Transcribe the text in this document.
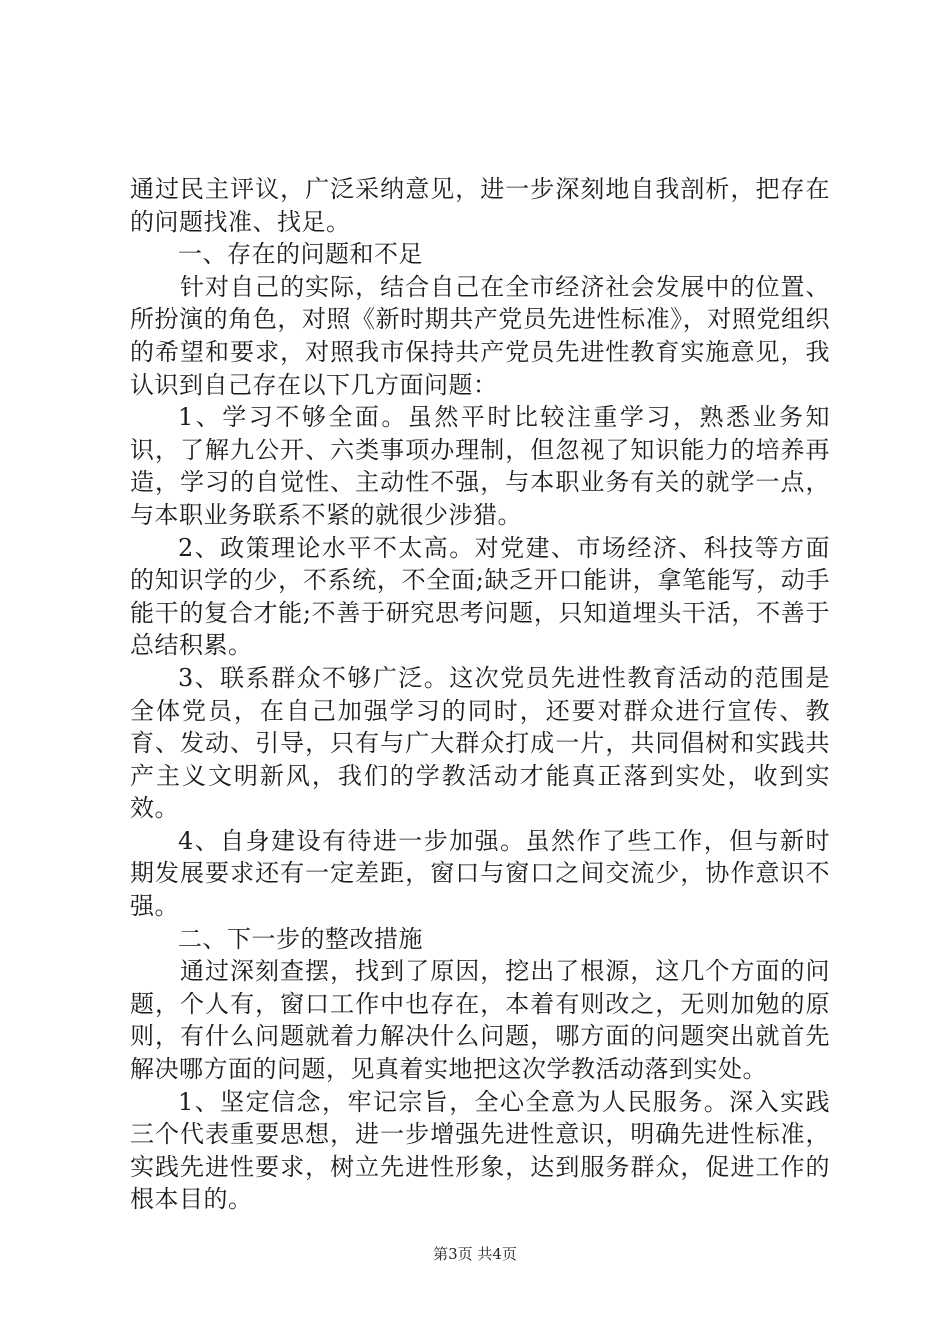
通过民主评议，广泛采纳意见，进一步深刻地自我剖析，把存在的问题找准、找足。

一、存在的问题和不足

针对自己的实际，结合自己在全市经济社会发展中的位置、所扮演的角色，对照《新时期共产党员先进性标准》，对照党组织的希望和要求，对照我市保持共产党员先进性教育实施意见，我认识到自己存在以下几方面问题：

1、学习不够全面。虽然平时比较注重学习，熟悉业务知识，了解九公开、六类事项办理制，但忽视了知识能力的培养再造，学习的自觉性、主动性不强，与本职业务有关的就学一点，与本职业务联系不紧的就很少涉猎。

2、政策理论水平不太高。对党建、市场经济、科技等方面的知识学的少，不系统，不全面;缺乏开口能讲，拿笔能写，动手能干的复合才能;不善于研究思考问题，只知道埋头干活，不善于总结积累。

3、联系群众不够广泛。这次党员先进性教育活动的范围是全体党员，在自己加强学习的同时，还要对群众进行宣传、教育、发动、引导，只有与广大群众打成一片，共同倡树和实践共产主义文明新风，我们的学教活动才能真正落到实处，收到实效。

4、自身建设有待进一步加强。虽然作了些工作，但与新时期发展要求还有一定差距，窗口与窗口之间交流少，协作意识不强。

二、下一步的整改措施

通过深刻查摆，找到了原因，挖出了根源，这几个方面的问题，个人有，窗口工作中也存在，本着有则改之，无则加勉的原则，有什么问题就着力解决什么问题，哪方面的问题突出就首先解决哪方面的问题，见真着实地把这次学教活动落到实处。

1、坚定信念，牢记宗旨，全心全意为人民服务。深入实践三个代表重要思想，进一步增强先进性意识，明确先进性标准，实践先进性要求，树立先进性形象，达到服务群众，促进工作的根本目的。

第3页 共4页
